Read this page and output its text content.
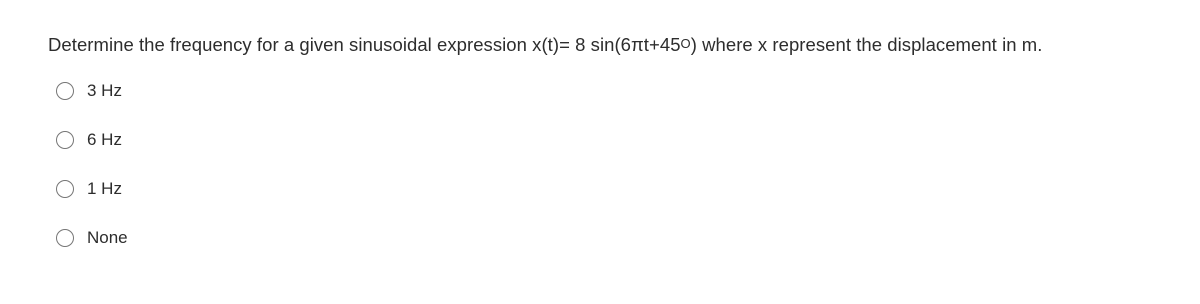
Determine the frequency for a given sinusoidal expression x(t)= 8 $\sin(6\pi t+45^O)$ where x represent the displacement in m.
3 Hz
6 Hz
1 Hz
None
